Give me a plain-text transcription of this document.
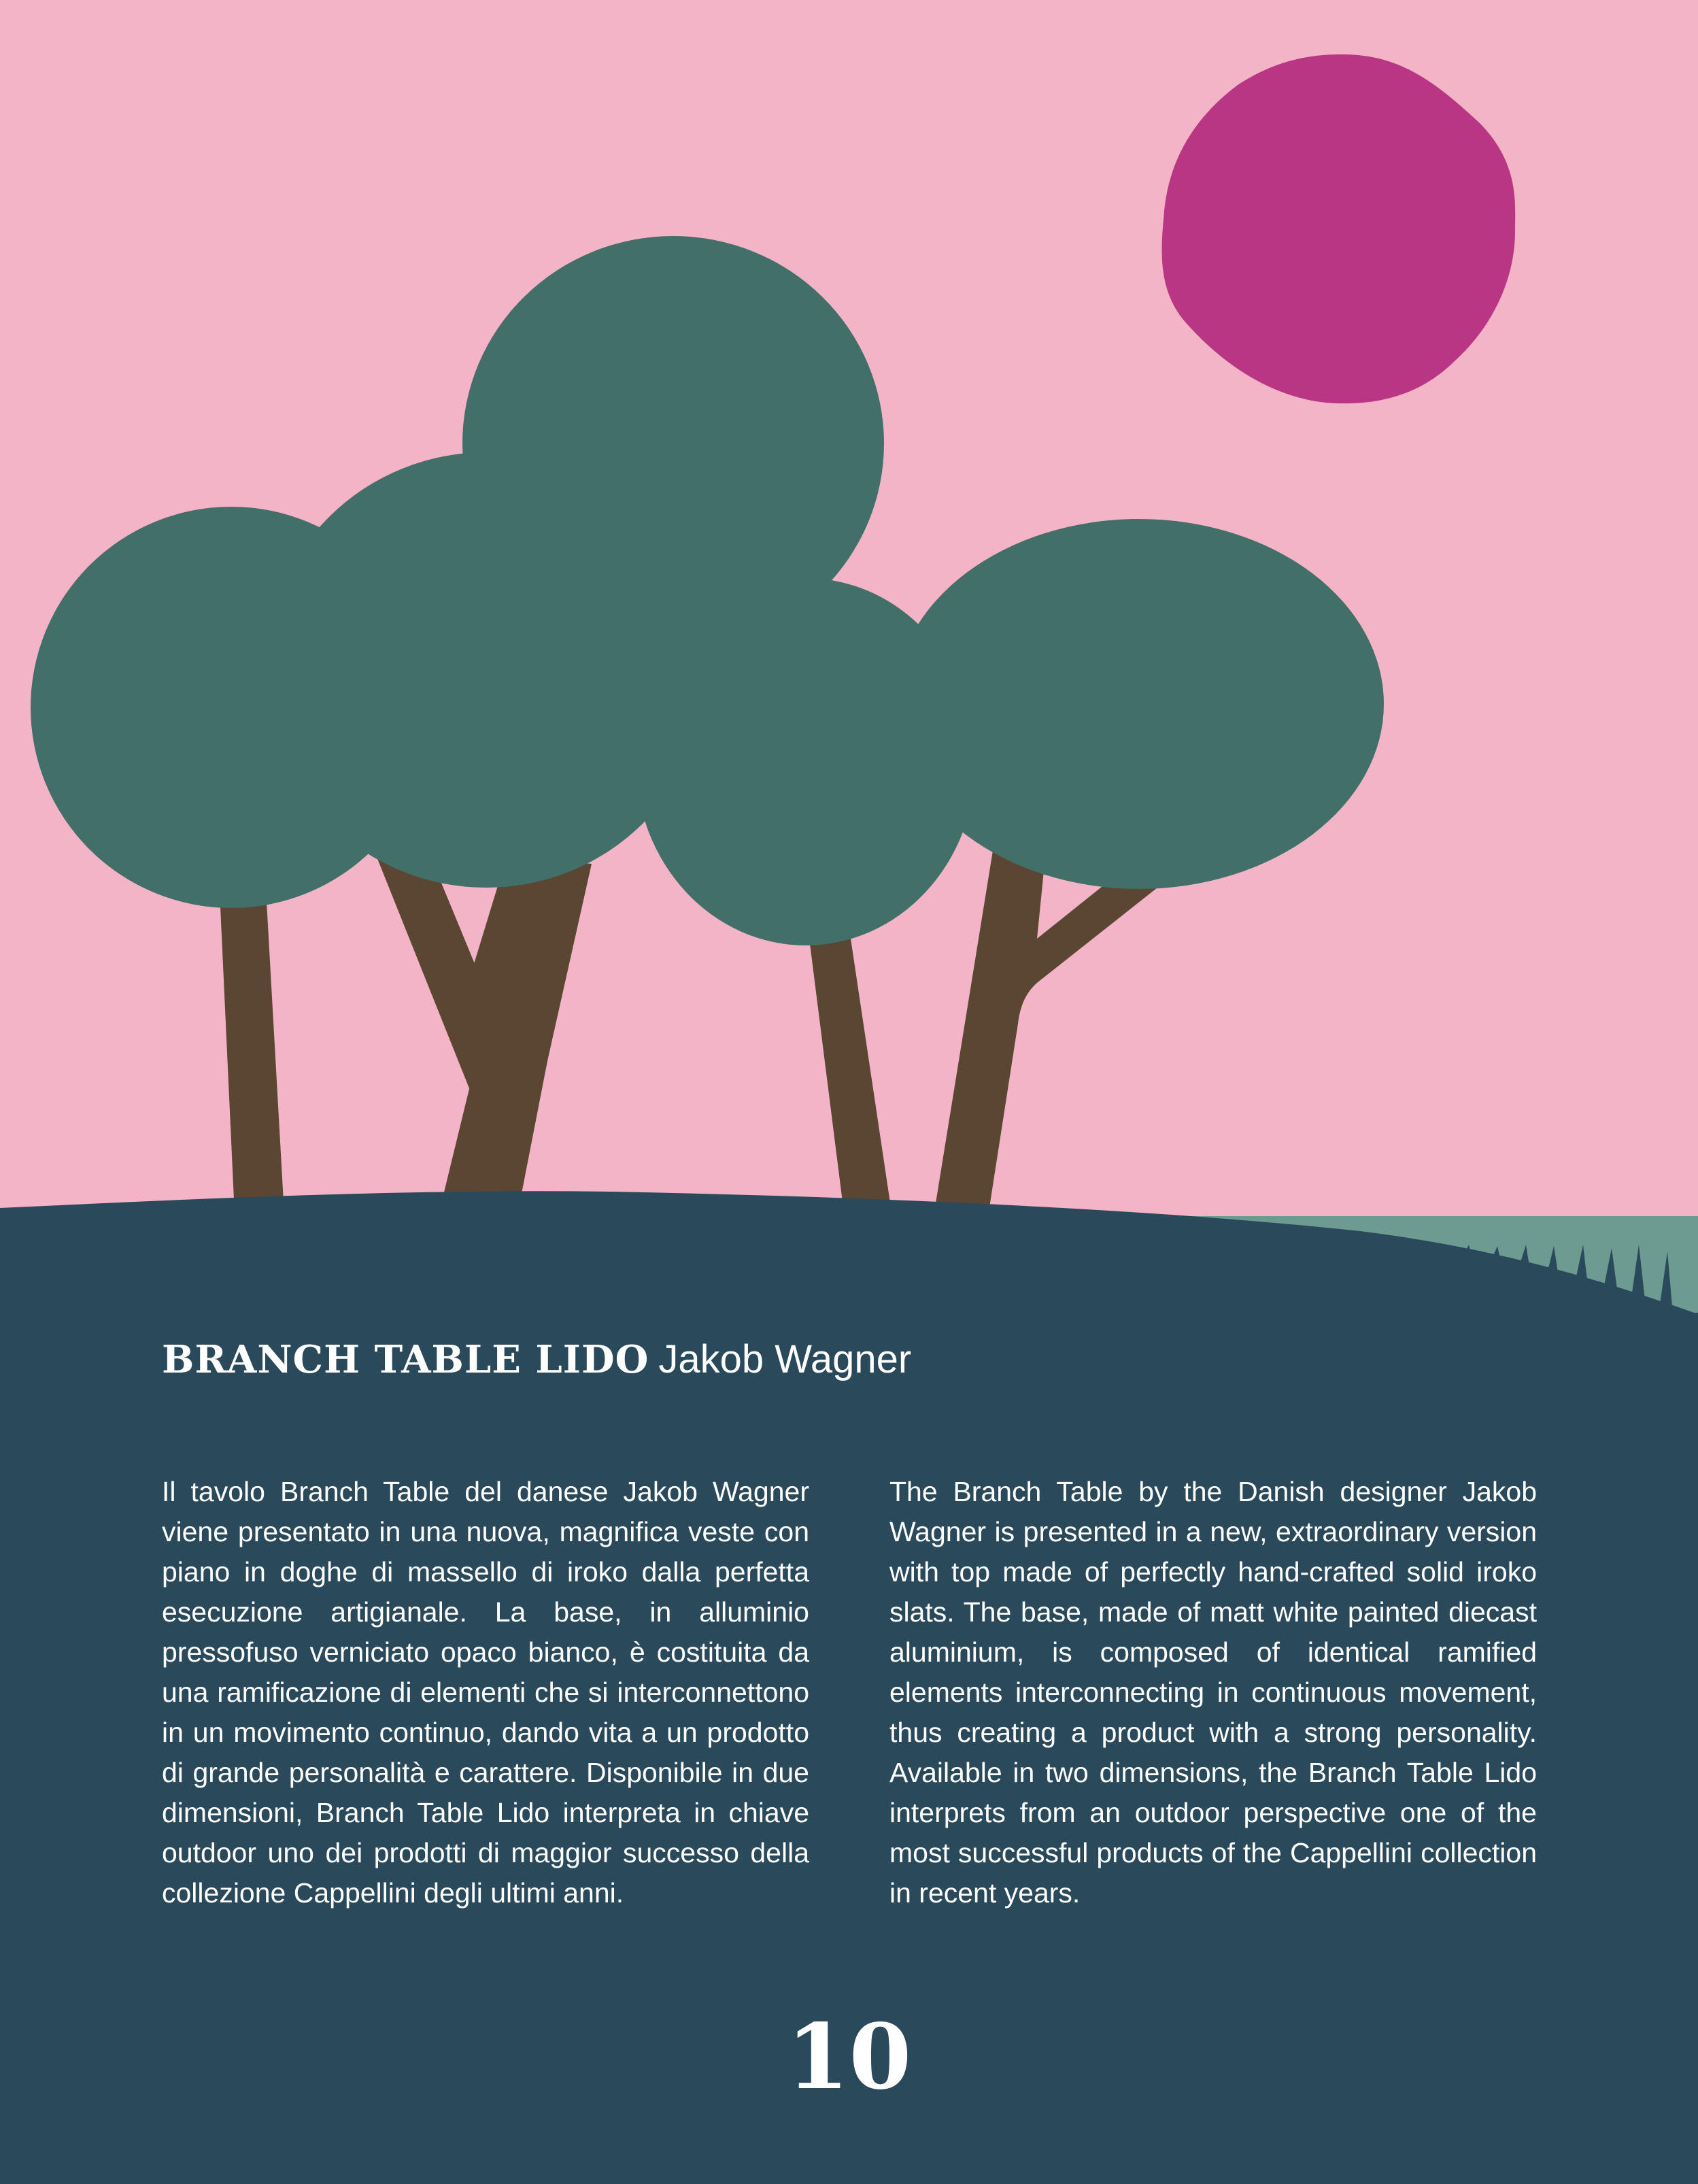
BRANCH TABLE LIDO Jakob Wagner
Il tavolo Branch Table del danese Jakob Wagner viene presentato in una nuova, magnifica veste con piano in doghe di massello di iroko dalla perfetta esecuzione artigianale. La base, in alluminio pressofuso verniciato opaco bianco, è costituita da una ramificazione di elementi che si interconnettono in un movimento continuo, dando vita a un prodotto di grande personalità e carattere. Disponibile in due dimensioni, Branch Table Lido interpreta in chiave outdoor uno dei prodotti di maggior successo della collezione Cappellini degli ultimi anni.
The Branch Table by the Danish designer Jakob Wagner is presented in a new, extraordinary version with top made of perfectly hand-crafted solid iroko slats. The base, made of matt white painted diecast aluminium, is composed of identical ramified elements interconnecting in continuous movement, thus creating a product with a strong personality. Available in two dimensions, the Branch Table Lido interprets from an outdoor perspective one of the most successful products of the Cappellini collection in recent years.
10
